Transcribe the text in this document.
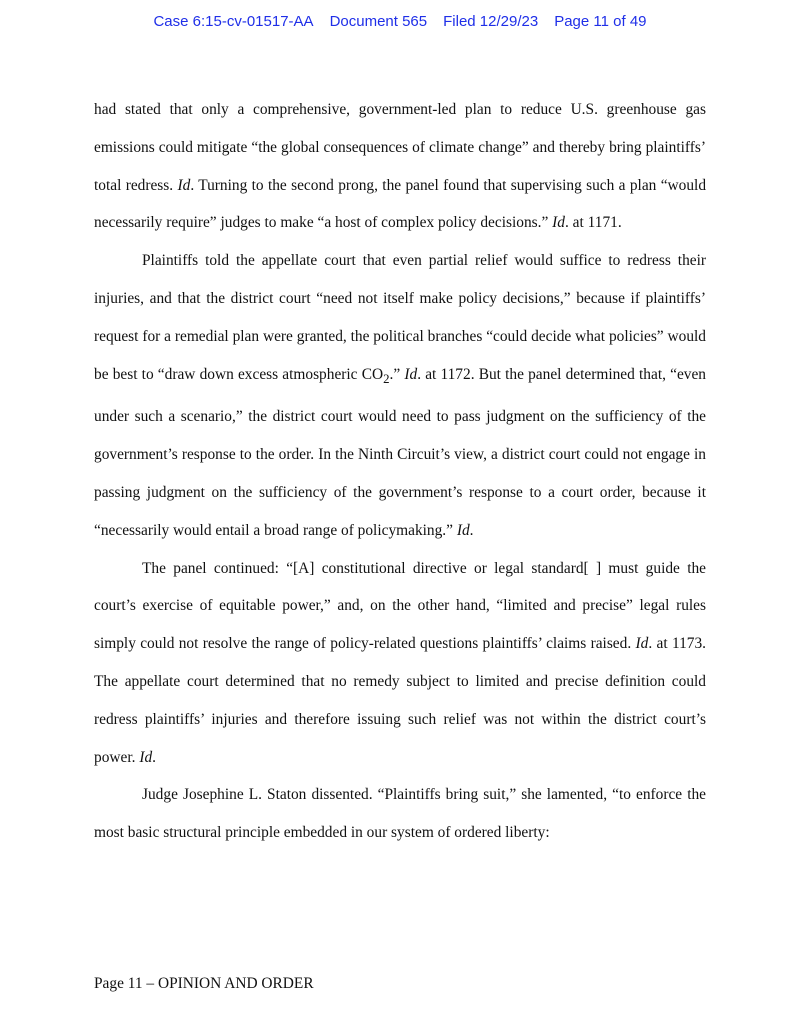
Case 6:15-cv-01517-AA Document 565 Filed 12/29/23 Page 11 of 49

had stated that only a comprehensive, government-led plan to reduce U.S. greenhouse gas emissions could mitigate “the global consequences of climate change” and thereby bring plaintiffs’ total redress. Id. Turning to the second prong, the panel found that supervising such a plan “would necessarily require” judges to make “a host of complex policy decisions.” Id. at 1171.

Plaintiffs told the appellate court that even partial relief would suffice to redress their injuries, and that the district court “need not itself make policy decisions,” because if plaintiffs’ request for a remedial plan were granted, the political branches “could decide what policies” would be best to “draw down excess atmospheric $CO_2$.” Id. at 1172. But the panel determined that, “even under such a scenario,” the district court would need to pass judgment on the sufficiency of the government’s response to the order. In the Ninth Circuit’s view, a district court could not engage in passing judgment on the sufficiency of the government’s response to a court order, because it “necessarily would entail a broad range of policymaking.” Id.

The panel continued: “[A] constitutional directive or legal standard[ ] must guide the court’s exercise of equitable power,” and, on the other hand, “limited and precise” legal rules simply could not resolve the range of policy-related questions plaintiffs’ claims raised. Id. at 1173. The appellate court determined that no remedy subject to limited and precise definition could redress plaintiffs’ injuries and therefore issuing such relief was not within the district court’s power. Id.

Judge Josephine L. Staton dissented. “Plaintiffs bring suit,” she lamented, “to enforce the most basic structural principle embedded in our system of ordered liberty:

Page 11 – OPINION AND ORDER
